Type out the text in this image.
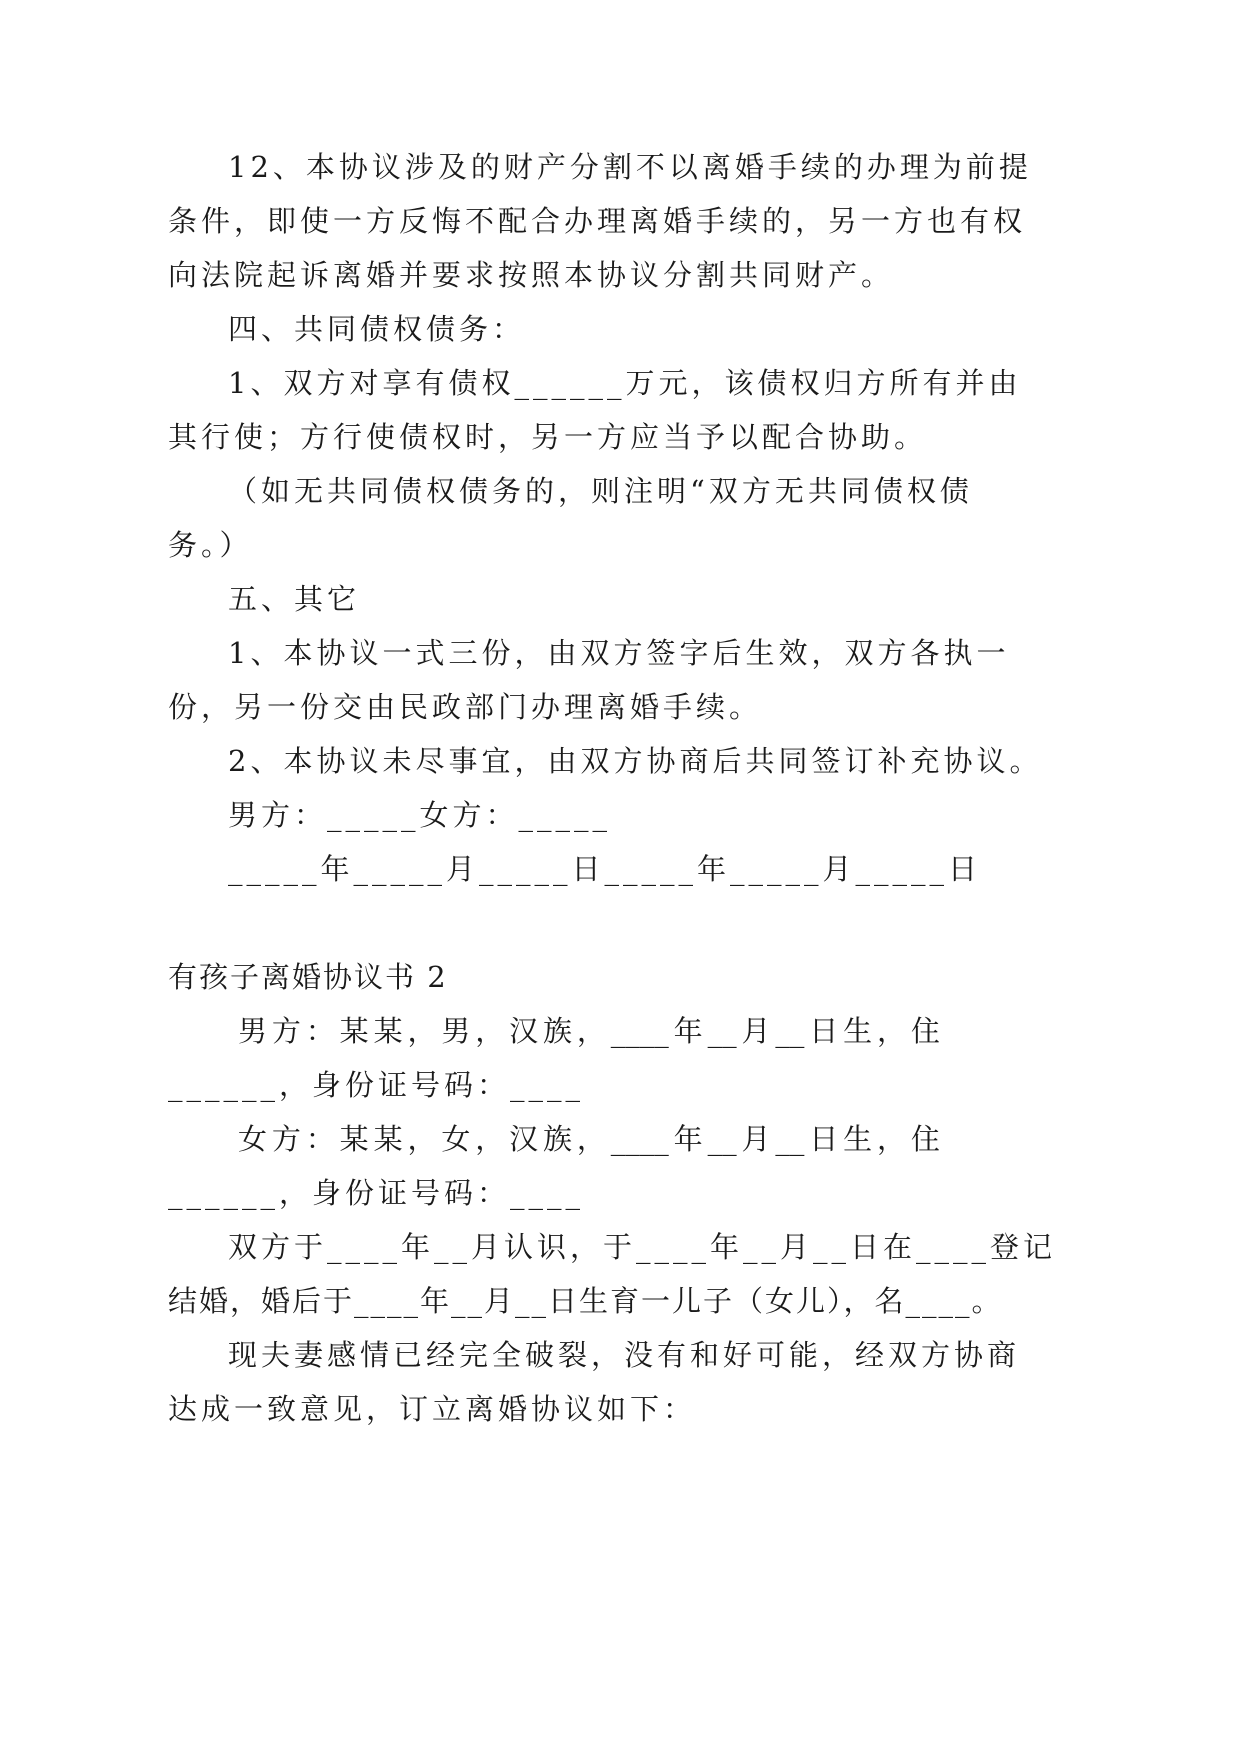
12、本协议涉及的财产分割不以离婚手续的办理为前提
条件，即使一方反悔不配合办理离婚手续的，另一方也有权
向法院起诉离婚并要求按照本协议分割共同财产。
四、共同债权债务：
1、双方对享有债权______万元，该债权归方所有并由
其行使；方行使债权时，另一方应当予以配合协助。
（如无共同债权债务的，则注明“双方无共同债权债
务。）
五、其它
1、本协议一式三份，由双方签字后生效，双方各执一
份，另一份交由民政部门办理离婚手续。
2、本协议未尽事宜，由双方协商后共同签订补充协议。
男方：_____女方：_____
_____年_____月_____日_____年_____月_____日
有孩子离婚协议书 2
男 方 ： 某 某 ， 男 ， 汉 族 ， ____ 年 __ 月 __ 日 生 ， 住
______，身份证号码：____
女 方 ： 某 某 ， 女 ， 汉 族 ， ____ 年 __ 月 __ 日 生 ， 住
______，身份证号码：____
双方于____年__月认识，于____年__月__日在____登记
结婚，婚后于____年__月__日生育一儿子（女儿），名____。
现夫妻感情已经完全破裂，没有和好可能，经双方协商
达成一致意见，订立离婚协议如下：
